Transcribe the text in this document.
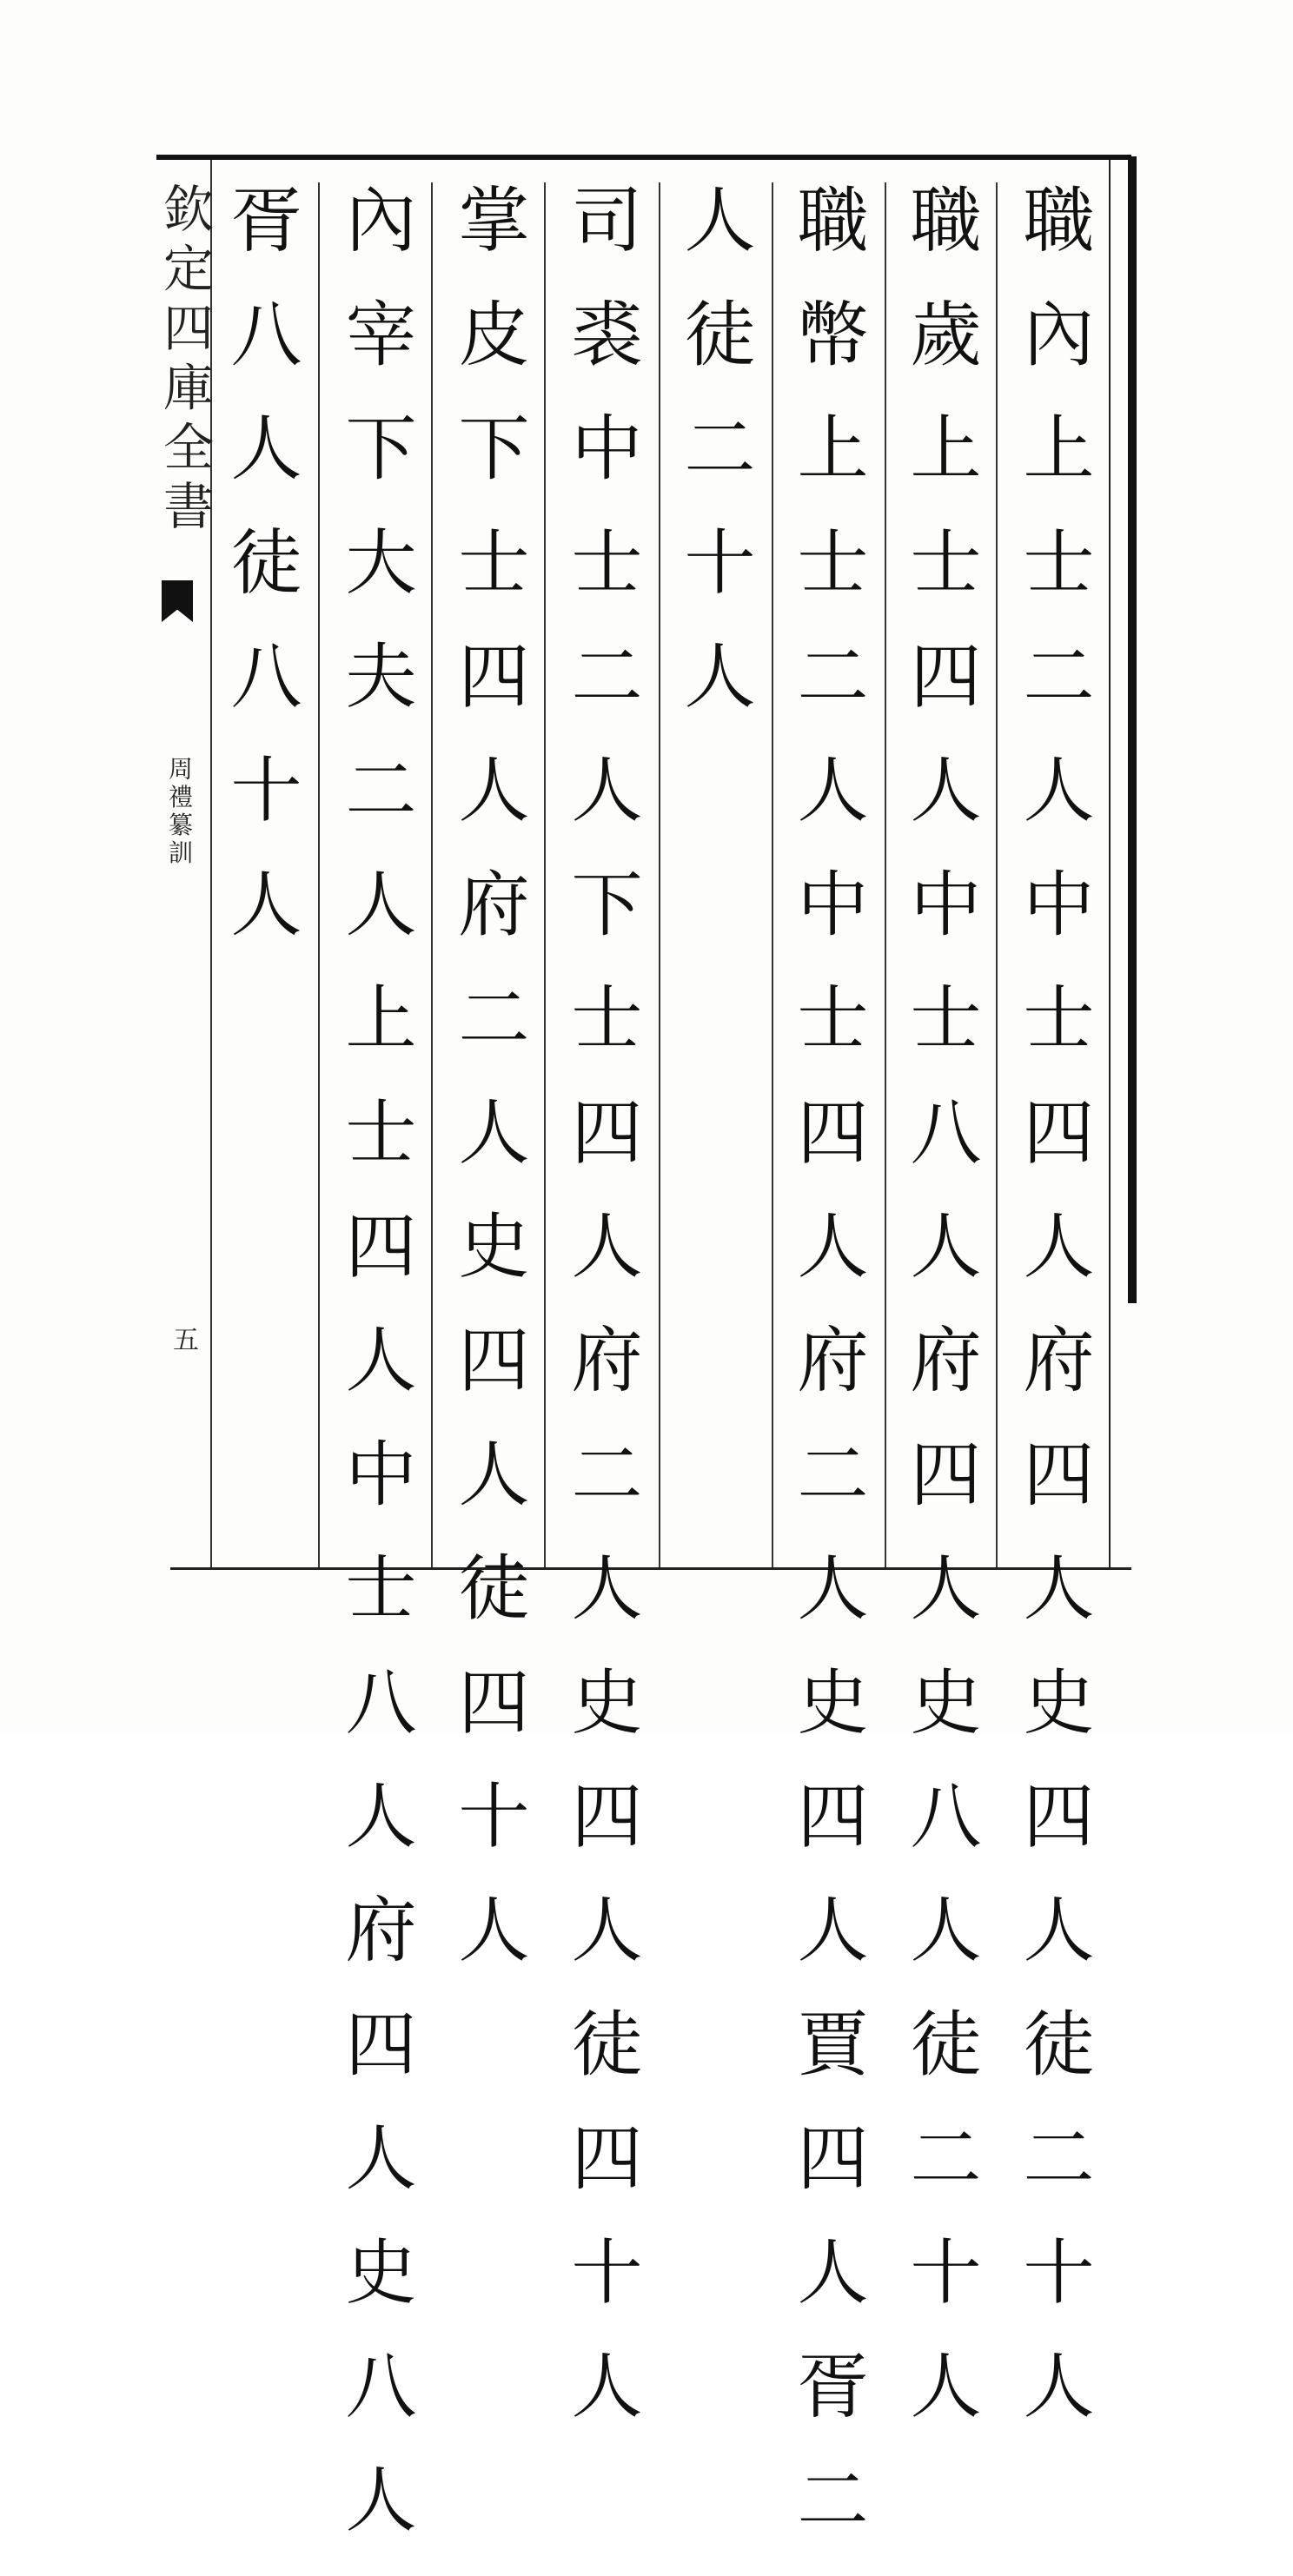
職內上士二人中士四人府四人史四人徒二十人
職歲上士四人中士八人府四人史八人徒二十人
職幣上士二人中士四人府二人史四人賈四人胥二
人徒二十人
司裘中士二人下士四人府二人史四人徒四十人
掌皮下士四人府二人史四人徒四十人
內宰下大夫二人上士四人中士八人府四人史八人
胥八人徒八十人
欽定四庫全書
周禮纂訓
五
